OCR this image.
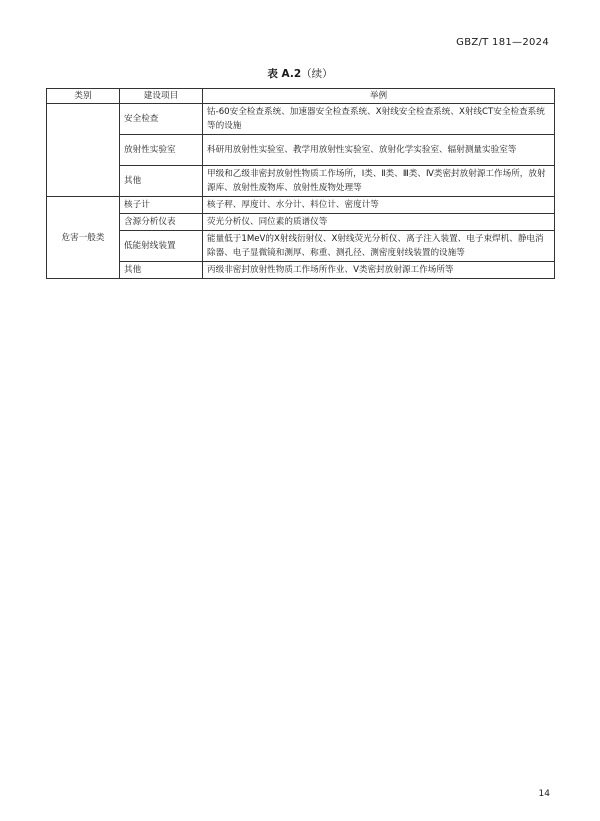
GBZ/T 181—2024
表 A.2（续）
类别	建设项目	举例
	安全检查	钴-60安全检查系统、加速器安全检查系统、X射线安全检查系统、X射线CT安全检查系统等的设施
	放射性实验室	科研用放射性实验室、教学用放射性实验室、放射化学实验室、辐射测量实验室等
	其他	甲级和乙级非密封放射性物质工作场所，Ⅰ类、Ⅱ类、Ⅲ类、Ⅳ类密封放射源工作场所，放射源库、放射性废物库、放射性废物处理等
危害一般类	核子计	核子秤、厚度计、水分计、料位计、密度计等
	含源分析仪表	荧光分析仪、同位素的质谱仪等
	低能射线装置	能量低于1MeV的X射线衍射仪、X射线荧光分析仪、离子注入装置、电子束焊机、静电消除器、电子显微镜和测厚、称重、测孔径、测密度射线装置的设施等
	其他	丙级非密封放射性物质工作场所作业、Ⅴ类密封放射源工作场所等
14
